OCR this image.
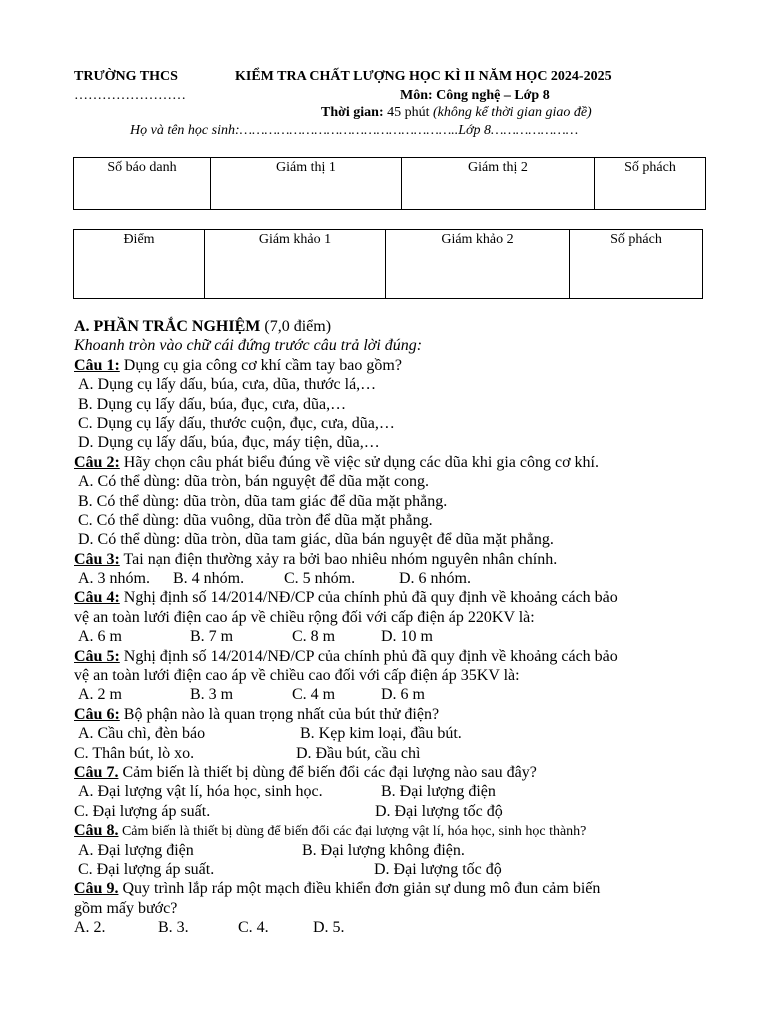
TRƯỜNG THCS	KIỂM TRA CHẤT LƯỢNG HỌC KÌ II NĂM HỌC 2024-2025
……………………	Môn: Công nghệ – Lớp 8
Thời gian: 45 phút (không kể thời gian giao đề)
Họ và tên học sinh:……………………………………………..Lớp 8…………………
Số báo danh	Giám thị 1	Giám thị 2	Số phách
Điểm	Giám khảo 1	Giám khảo 2	Số phách
A. PHẦN TRẮC NGHIỆM (7,0 điểm)
Khoanh tròn vào chữ cái đứng trước câu trả lời đúng:
Câu 1: Dụng cụ gia công cơ khí cầm tay bao gồm?
A. Dụng cụ lấy dấu, búa, cưa, dũa, thước lá,…
B. Dụng cụ lấy dấu, búa, đục, cưa, dũa,…
C. Dụng cụ lấy dấu, thước cuộn, đục, cưa, dũa,…
D. Dụng cụ lấy dấu, búa, đục, máy tiện, dũa,…
Câu 2: Hãy chọn câu phát biểu đúng về việc sử dụng các dũa khi gia công cơ khí.
A. Có thể dùng: dũa tròn, bán nguyệt để dũa mặt cong.
B. Có thể dùng: dũa tròn, dũa tam giác để dũa mặt phẳng.
C. Có thể dùng: dũa vuông, dũa tròn để dũa mặt phẳng.
D. Có thể dùng: dũa tròn, dũa tam giác, dũa bán nguyệt để dũa mặt phẳng.
Câu 3: Tai nạn điện thường xảy ra bởi bao nhiêu nhóm nguyên nhân chính.
A. 3 nhóm. B. 4 nhóm. C. 5 nhóm.	D. 6 nhóm.
Câu 4: Nghị định số 14/2014/NĐ/CP của chính phủ đã quy định về khoảng cách bảo
vệ an toàn lưới điện cao áp về chiều rộng đối với cấp điện áp 220KV là:
A. 6 m	B. 7 m	C. 8 m	D. 10 m
Câu 5: Nghị định số 14/2014/NĐ/CP của chính phủ đã quy định về khoảng cách bảo
vệ an toàn lưới điện cao áp về chiều cao đối với cấp điện áp 35KV là:
A. 2 m	B. 3 m	C. 4 m	D. 6 m
Câu 6: Bộ phận nào là quan trọng nhất của bút thử điện?
A. Cầu chì, đèn báo	B. Kẹp kim loại, đầu bút.
C. Thân bút, lò xo.	D. Đầu bút, cầu chì
Câu 7. Cảm biến là thiết bị dùng để biến đổi các đại lượng nào sau đây?
A. Đại lượng vật lí, hóa học, sinh học.	B. Đại lượng điện
C. Đại lượng áp suất.	D. Đại lượng tốc độ
Câu 8. Cảm biến là thiết bị dùng để biến đổi các đại lượng vật lí, hóa học, sinh học thành?
A. Đại lượng điện	B. Đại lượng không điện.
C. Đại lượng áp suất.	D. Đại lượng tốc độ
Câu 9. Quy trình lắp ráp một mạch điều khiển đơn giản sự dung mô đun cảm biến
gồm mấy bước?
A. 2.	B. 3.	C. 4.	D. 5.
